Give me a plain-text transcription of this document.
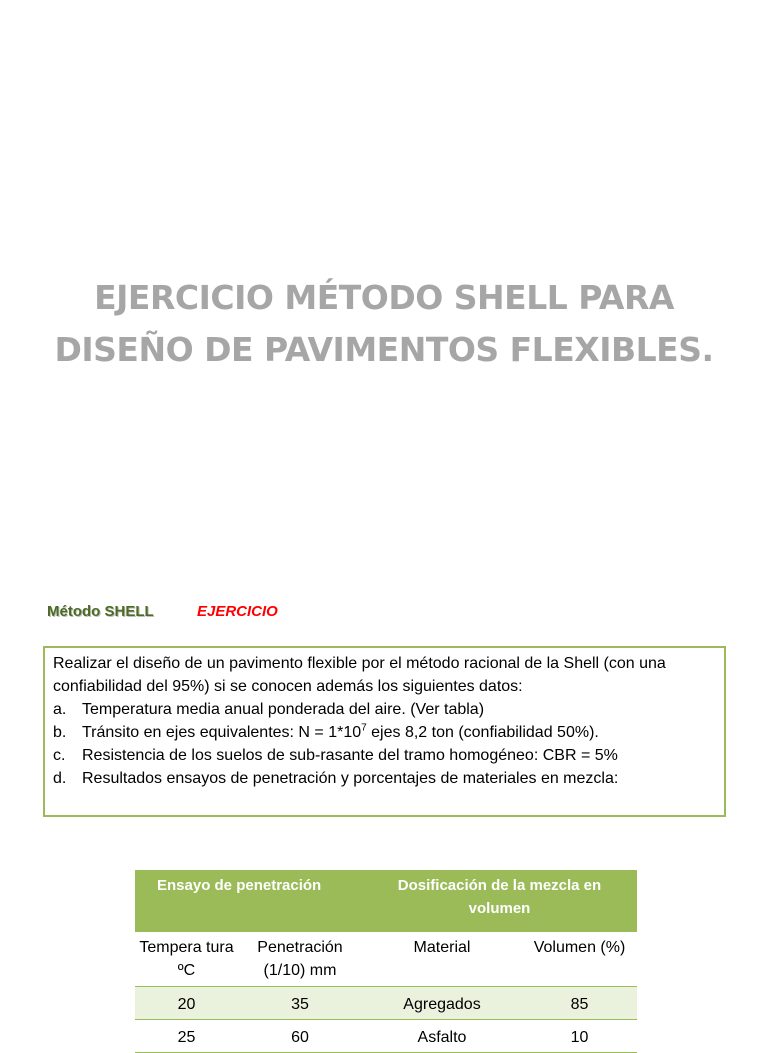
EJERCICIO MÉTODO SHELL PARA
DISEÑO DE PAVIMENTOS FLEXIBLES.
Método SHELL	EJERCICIO

Realizar el diseño de un pavimento flexible por el método racional de la Shell (con una confiabilidad del 95%) si se conocen además los siguientes datos:

a. Temperatura media anual ponderada del aire. (Ver tabla)
b. Tránsito en ejes equivalentes: $N = 1*10^7$ ejes 8,2 ton (confiabilidad 50%).
c.	Resistencia de los suelos de sub-rasante del tramo homogéneo: CBR = 5%
d. Resultados ensayos de penetración y porcentajes de materiales en mezcla:
Ensayo de penetración		Dosificación de la mezcla en volumen	
Tempera tura ºC	Penetración (1/10) mm	Material	Volumen (%)
20	35	Agregados	85
25	60	Asfalto	10
